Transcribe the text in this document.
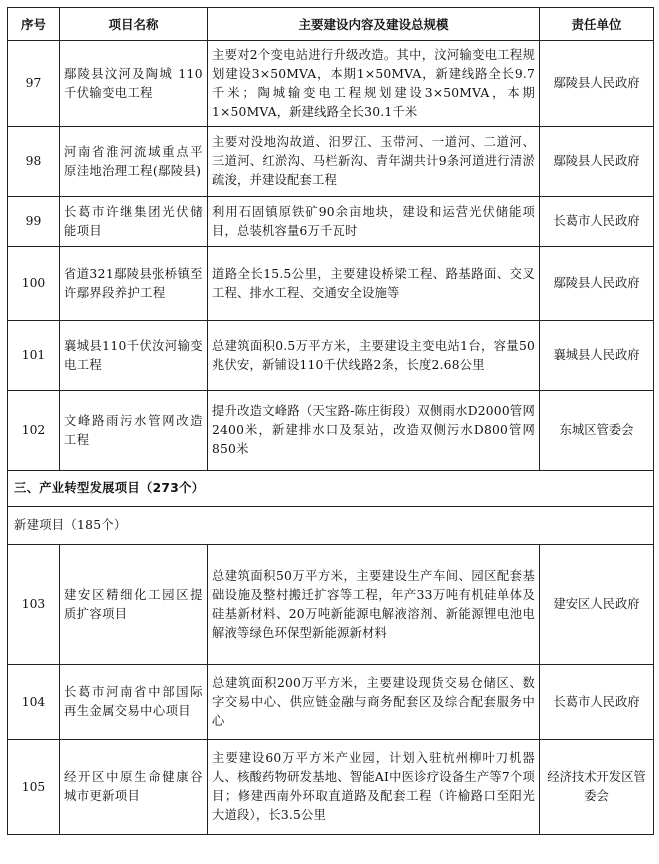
序号	项目名称	主要建设内容及建设总规模	责任单位
97	鄢陵县汶河及陶城 110千伏输变电工程	主要对2个变电站进行升级改造。其中，汶河输变电工程规划建设3×50MVA，本期1×50MVA，新建线路全长9.7千米；陶城输变电工程规划建设3×50MVA，本期1×50MVA，新建线路全长30.1千米	鄢陵县人民政府
98	河南省淮河流域重点平原洼地治理工程(鄢陵县)	主要对没地沟故道、汨罗江、玉带河、一道河、二道河、三道河、红淤沟、马栏新沟、青年湖共计9条河道进行清淤疏浚，并建设配套工程	鄢陵县人民政府
99	长葛市许继集团光伏储能项目	利用石固镇原铁矿90余亩地块，建设和运营光伏储能项目，总装机容量6万千瓦时	长葛市人民政府
100	省道321鄢陵县张桥镇至许鄢界段养护工程	道路全长15.5公里，主要建设桥梁工程、路基路面、交叉工程、排水工程、交通安全设施等	鄢陵县人民政府
101	襄城县110千伏汝河输变电工程	总建筑面积0.5万平方米，主要建设主变电站1台，容量50兆伏安，新铺设110千伏线路2条，长度2.68公里	襄城县人民政府
102	文峰路雨污水管网改造工程	提升改造文峰路（天宝路-陈庄街段）双侧雨水D2000管网2400米，新建排水口及泵站，改造双侧污水D800管网850米	东城区管委会
三、产业转型发展项目（273个）			
新建项目（185个）			
103	建安区精细化工园区提质扩容项目	总建筑面积50万平方米，主要建设生产车间、园区配套基础设施及整村搬迁扩容等工程，年产33万吨有机硅单体及硅基新材料、20万吨新能源电解液溶剂、新能源锂电池电解液等绿色环保型新能源新材料	建安区人民政府
104	长葛市河南省中部国际再生金属交易中心项目	总建筑面积200万平方米，主要建设现货交易仓储区、数字交易中心、供应链金融与商务配套区及综合配套服务中心	长葛市人民政府
105	经开区中原生命健康谷城市更新项目	主要建设60万平方米产业园，计划入驻杭州柳叶刀机器人、核酸药物研发基地、智能AI中医诊疗设备生产等7个项目；修建西南外环取直道路及配套工程（许榆路口至阳光大道段），长3.5公里	经济技术开发区管委会
